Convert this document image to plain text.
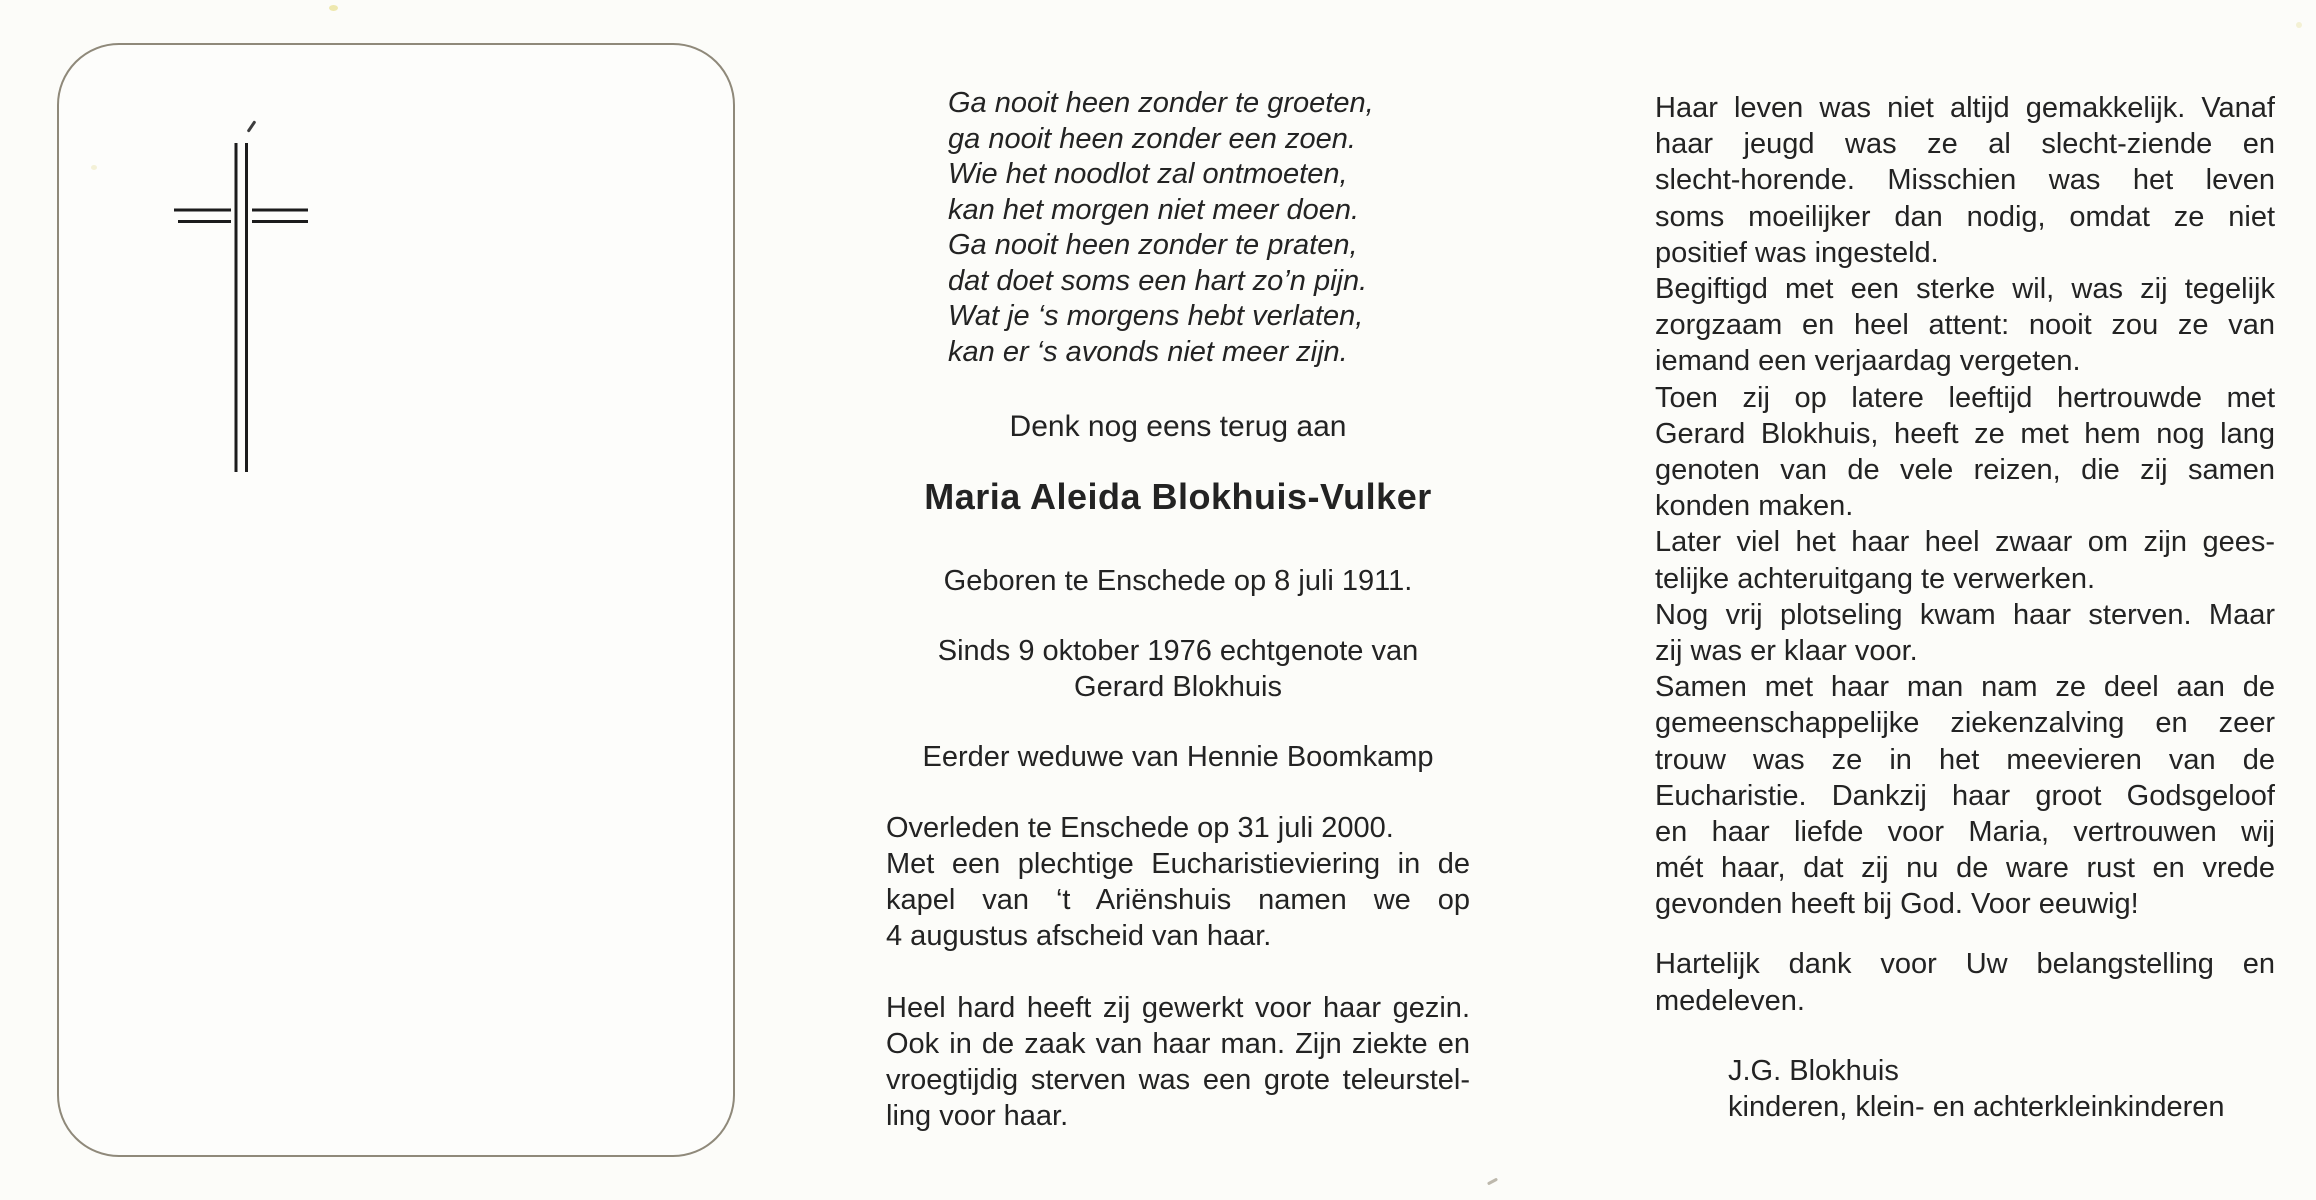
Ga nooit heen zonder te groeten,
ga nooit heen zonder een zoen.
Wie het noodlot zal ontmoeten,
kan het morgen niet meer doen.
Ga nooit heen zonder te praten,
dat doet soms een hart zo’n pijn.
Wat je ‘s morgens hebt verlaten,
kan er ‘s avonds niet meer zijn.
Denk nog eens terug aan
Maria Aleida Blokhuis-Vulker
Geboren te Enschede op 8 juli 1911.
Sinds 9 oktober 1976 echtgenote van
Gerard Blokhuis
Eerder weduwe van Hennie Boomkamp
Overleden te Enschede op 31 juli 2000.
Met een plechtige Eucharistieviering in de
kapel van ‘t Ariënshuis namen we op
4 augustus afscheid van haar.
Heel hard heeft zij gewerkt voor haar gezin.
Ook in de zaak van haar man. Zijn ziekte en
vroegtijdig sterven was een grote teleurstel-
ling voor haar.
Haar leven was niet altijd gemakkelijk. Vanaf
haar jeugd was ze al slecht-ziende en
slecht-horende. Misschien was het leven
soms moeilijker dan nodig, omdat ze niet
positief was ingesteld.
Begiftigd met een sterke wil, was zij tegelijk
zorgzaam en heel attent: nooit zou ze van
iemand een verjaardag vergeten.
Toen zij op latere leeftijd hertrouwde met
Gerard Blokhuis, heeft ze met hem nog lang
genoten van de vele reizen, die zij samen
konden maken.
Later viel het haar heel zwaar om zijn gees-
telijke achteruitgang te verwerken.
Nog vrij plotseling kwam haar sterven. Maar
zij was er klaar voor.
Samen met haar man nam ze deel aan de
gemeenschappelijke ziekenzalving en zeer
trouw was ze in het meevieren van de
Eucharistie. Dankzij haar groot Godsgeloof
en haar liefde voor Maria, vertrouwen wij
mét haar, dat zij nu de ware rust en vrede
gevonden heeft bij God. Voor eeuwig!
Hartelijk dank voor Uw belangstelling en
medeleven.
J.G. Blokhuis
kinderen, klein- en achterkleinkinderen
